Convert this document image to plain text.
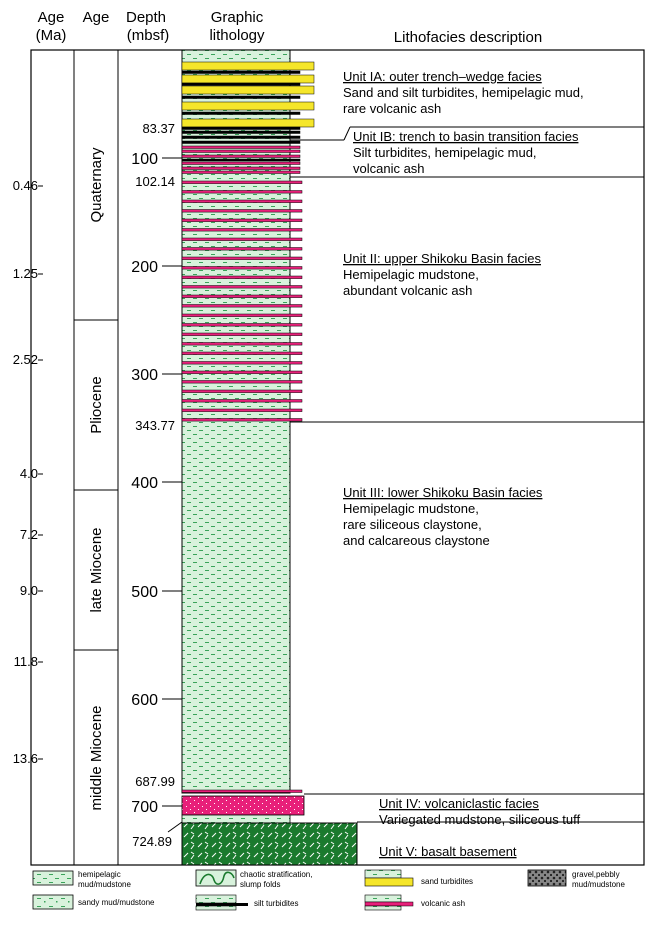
Age
(Ma)
Age Depth
(mbsf)
Graphic
lithology	Lithofacies description
Quaternary
Pliocene
late Miocene
middle Miocene
0.46
1.25
2.52
4.0
7.2
9.0
11.8
13.6
100
200
300
400
500
600
700
83.37
102.14
343.77
687.99
724.89
Unit IA: outer trench–wedge facies
Sand and silt turbidites, hemipelagic mud,
rare volcanic ash
Unit IB: trench to basin transition facies
Silt turbidites, hemipelagic mud,
volcanic ash
Unit II: upper Shikoku Basin facies
Hemipelagic mudstone,
abundant volcanic ash
Unit III: lower Shikoku Basin facies
Hemipelagic mudstone,
rare siliceous claystone,
and calcareous claystone
Unit IV: volcaniclastic facies
Variegated mudstone, siliceous tuff
Unit V: basalt basement
hemipelagic
mud/mudstone
chaotic stratification,
slump folds	sand turbidites
gravel,pebbly
mud/mudstone
sandy mud/mudstone	silt turbidites	volcanic ash
